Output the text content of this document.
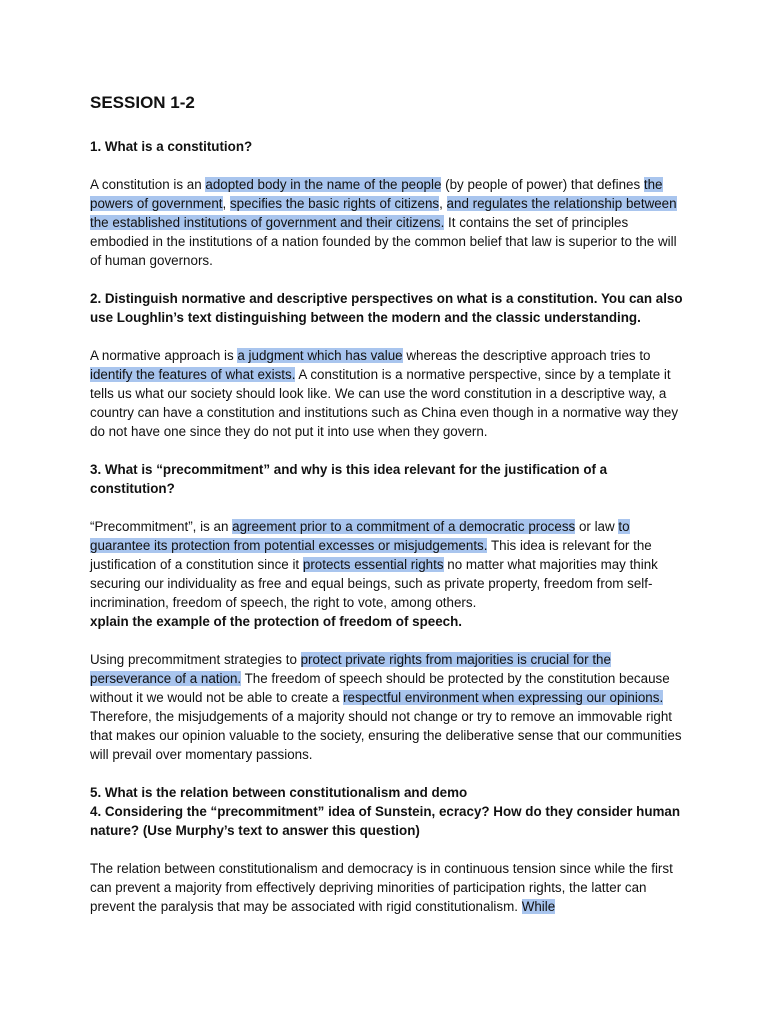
SESSION 1-2
1. What is a constitution?

A constitution is an adopted body in the name of the people (by people of power) that defines the powers of government, specifies the basic rights of citizens, and regulates the relationship between the established institutions of government and their citizens. It contains the set of principles embodied in the institutions of a nation founded by the common belief that law is superior to the will of human governors.

2. Distinguish normative and descriptive perspectives on what is a constitution. You can also use Loughlin’s text distinguishing between the modern and the classic understanding.

A normative approach is a judgment which has value whereas the descriptive approach tries to identify the features of what exists. A constitution is a normative perspective, since by a template it tells us what our society should look like. We can use the word constitution in a descriptive way, a country can have a constitution and institutions such as China even though in a normative way they do not have one since they do not put it into use when they govern.

3. What is “precommitment” and why is this idea relevant for the justification of a constitution?

“Precommitment”, is an agreement prior to a commitment of a democratic process or law to guarantee its protection from potential excesses or misjudgements. This idea is relevant for the justification of a constitution since it protects essential rights no matter what majorities may think securing our individuality as free and equal beings, such as private property, freedom from self-incrimination, freedom of speech, the right to vote, among others.

xplain the example of the protection of freedom of speech.

Using precommitment strategies to protect private rights from majorities is crucial for the perseverance of a nation. The freedom of speech should be protected by the constitution because without it we would not be able to create a respectful environment when expressing our opinions. Therefore, the misjudgements of a majority should not change or try to remove an immovable right that makes our opinion valuable to the society, ensuring the deliberative sense that our communities will prevail over momentary passions.

5. What is the relation between constitutionalism and demo
4. Considering the “precommitment” idea of Sunstein, ecracy? How do they consider human nature? (Use Murphy’s text to answer this question)

The relation between constitutionalism and democracy is in continuous tension since while the first can prevent a majority from effectively depriving minorities of participation rights, the latter can prevent the paralysis that may be associated with rigid constitutionalism. While
